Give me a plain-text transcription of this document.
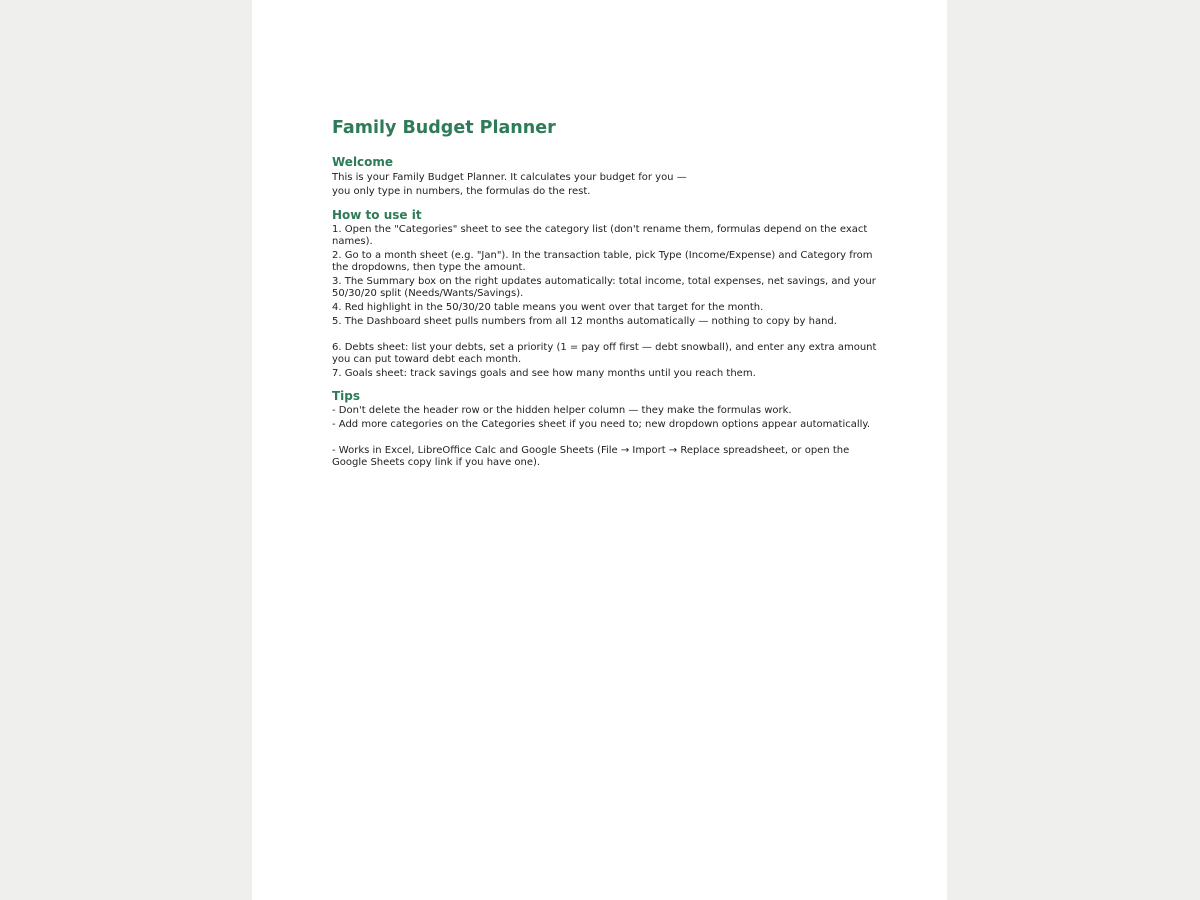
Family Budget Planner
Welcome

This is your Family Budget Planner. It calculates your budget for you —

you only type in numbers, the formulas do the rest.

How to use it

1. Open the "Categories" sheet to see the category list (don't rename them, formulas depend on the exact names).

2. Go to a month sheet (e.g. "Jan"). In the transaction table, pick Type (Income/Expense) and Category from the dropdowns, then type the amount.

3. The Summary box on the right updates automatically: total income, total expenses, net savings, and your 50/30/20 split (Needs/Wants/Savings).

4. Red highlight in the 50/30/20 table means you went over that target for the month.

5. The Dashboard sheet pulls numbers from all 12 months automatically — nothing to copy by hand.

6. Debts sheet: list your debts, set a priority (1 = pay off first — debt snowball), and enter any extra amount you can put toward debt each month.

7. Goals sheet: track savings goals and see how many months until you reach them.

Tips

- Don't delete the header row or the hidden helper column — they make the formulas work.

- Add more categories on the Categories sheet if you need to; new dropdown options appear automatically.

- Works in Excel, LibreOffice Calc and Google Sheets (File → Import → Replace spreadsheet, or open the Google Sheets copy link if you have one).
